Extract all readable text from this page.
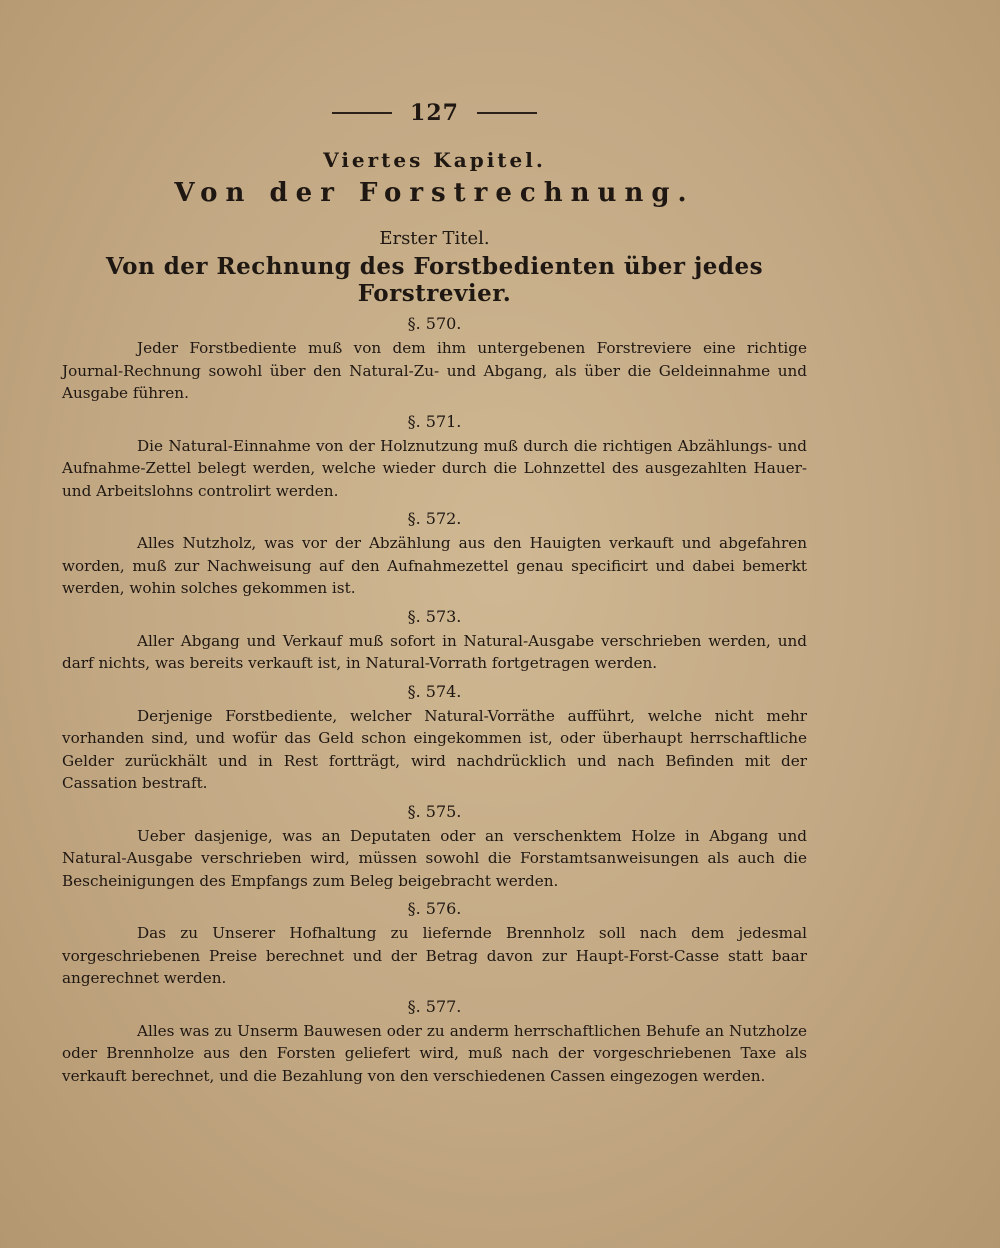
127
Viertes Kapitel.
Von der Forstrechnung.
Erster Titel.
Von der Rechnung des Forstbedienten über jedes Forstrevier.
§. 570.

Jeder Forstbediente muß von dem ihm untergebenen Forstreviere eine richtige Journal-Rechnung sowohl über den Natural-Zu- und Abgang, als über die Geldeinnahme und Ausgabe führen.

§. 571.

Die Natural-Einnahme von der Holznutzung muß durch die richtigen Abzählungs- und Aufnahme-Zettel belegt werden, welche wieder durch die Lohnzettel des ausgezahlten Hauer- und Arbeitslohns controlirt werden.

§. 572.

Alles Nutzholz, was vor der Abzählung aus den Hauigten verkauft und abgefahren worden, muß zur Nachweisung auf den Aufnahmezettel genau specificirt und dabei bemerkt werden, wohin solches gekommen ist.

§. 573.

Aller Abgang und Verkauf muß sofort in Natural-Ausgabe verschrieben werden, und darf nichts, was bereits verkauft ist, in Natural-Vorrath fortgetragen werden.

§. 574.

Derjenige Forstbediente, welcher Natural-Vorräthe aufführt, welche nicht mehr vorhanden sind, und wofür das Geld schon eingekommen ist, oder überhaupt herrschaftliche Gelder zurückhält und in Rest fortträgt, wird nachdrücklich und nach Befinden mit der Cassation bestraft.

§. 575.

Ueber dasjenige, was an Deputaten oder an verschenktem Holze in Abgang und Natural-Ausgabe verschrieben wird, müssen sowohl die Forstamtsanweisungen als auch die Bescheinigungen des Empfangs zum Beleg beigebracht werden.

§. 576.

Das zu Unserer Hofhaltung zu liefernde Brennholz soll nach dem jedesmal vorgeschriebenen Preise berechnet und der Betrag davon zur Haupt-Forst-Casse statt baar angerechnet werden.

§. 577.

Alles was zu Unserm Bauwesen oder zu anderm herrschaftlichen Behufe an Nutzholze oder Brennholze aus den Forsten geliefert wird, muß nach der vorgeschriebenen Taxe als verkauft berechnet, und die Bezahlung von den verschiedenen Cassen eingezogen werden.
